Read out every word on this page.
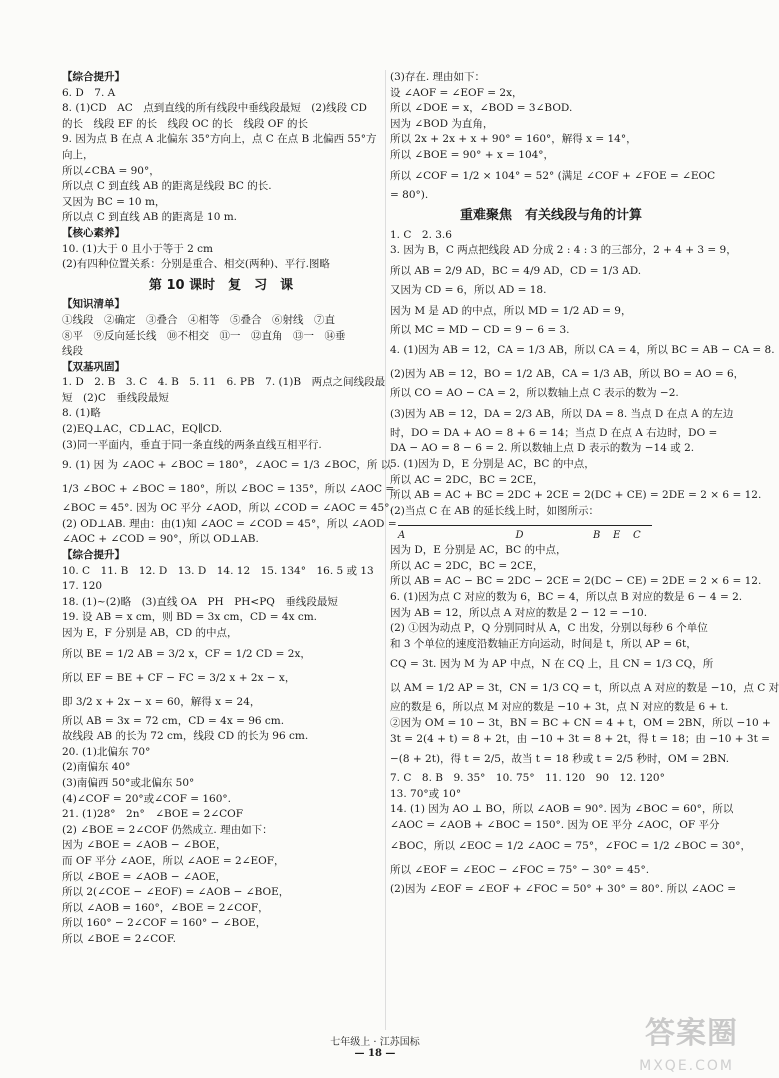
【综合提升】
6. D　7. A
8. (1)CD　AC　点到直线的所有线段中垂线段最短　(2)线段 CD
的长　线段 EF 的长　线段 OC 的长　线段 OF 的长
9. 因为点 B 在点 A 北偏东 35°方向上，点 C 在点 B 北偏西 55°方
向上，
所以∠CBA = 90°，
所以点 C 到直线 AB 的距离是线段 BC 的长.
又因为 BC = 10 m，
所以点 C 到直线 AB 的距离是 10 m.
【核心素养】
10. (1)大于 0 且小于等于 2 cm
(2)有四种位置关系：分别是重合、相交(两种)、平行.图略
第 10 课时　复　习　课
【知识清单】
①线段　②确定　③叠合　④相等　⑤叠合　⑥射线　⑦直
⑧平　⑨反向延长线　⑩不相交　⑪一　⑫直角　⑬一　⑭垂
线段
【双基巩固】
1. D　2. B　3. C　4. B　5. 11　6. PB　7. (1)B　两点之间线段最
短　(2)C　垂线段最短
8. (1)略
(2)EQ⊥AC，CD⊥AC，EQ∥CD.
(3)同一平面内，垂直于同一条直线的两条直线互相平行.
9. (1) 因 为 ∠AOC + ∠BOC = 180°，∠AOC = 1/3 ∠BOC，所 以
1/3 ∠BOC + ∠BOC = 180°，所以 ∠BOC = 135°，所以 ∠AOC =
∠BOC = 45°. 因为 OC 平分 ∠AOD，所以 ∠COD = ∠AOC = 45°.
(2) OD⊥AB. 理由：由(1)知 ∠AOC = ∠COD = 45°，所以 ∠AOD =
∠AOC + ∠COD = 90°，所以 OD⊥AB.
【综合提升】
10. C　11. B　12. D　13. D　14. 12　15. 134°　16. 5 或 13
17. 120
18. (1)~(2)略　(3)直线 OA　PH　PH<PQ　垂线段最短
19. 设 AB = x cm，则 BD = 3x cm，CD = 4x cm.
因为 E，F 分别是 AB，CD 的中点，
所以 BE = 1/2 AB = 3/2 x，CF = 1/2 CD = 2x，
所以 EF = BE + CF − FC = 3/2 x + 2x − x，
即 3/2 x + 2x − x = 60，解得 x = 24，
所以 AB = 3x = 72 cm，CD = 4x = 96 cm.
故线段 AB 的长为 72 cm，线段 CD 的长为 96 cm.
20. (1)北偏东 70°
(2)南偏东 40°
(3)南偏西 50°或北偏东 50°
(4)∠COF = 20°或∠COF = 160°.
21. (1)28°　2n°　∠BOE = 2∠COF
(2) ∠BOE = 2∠COF 仍然成立. 理由如下：
因为 ∠BOE = ∠AOB − ∠BOE，
而 OF 平分 ∠AOE，所以 ∠AOE = 2∠EOF，
所以 ∠BOE = ∠AOB − ∠AOE，
所以 2(∠COE − ∠EOF) = ∠AOB − ∠BOE，
所以 ∠AOB = 160°，∠BOE = 2∠COF，
所以 160° − 2∠COF = 160° − ∠BOE，
所以 ∠BOE = 2∠COF.
(3)存在. 理由如下：
设 ∠AOF = ∠EOF = 2x，
所以 ∠DOE = x，∠BOD = 3∠BOD.
因为 ∠BOD 为直角，
所以 2x + 2x + x + 90° = 160°，解得 x = 14°，
所以 ∠BOE = 90° + x = 104°，
所以 ∠COF = 1/2 × 104° = 52° (满足 ∠COF + ∠FOE = ∠EOC
= 80°).
重难聚焦　有关线段与角的计算
1. C　2. 3.6
3. 因为 B，C 两点把线段 AD 分成 2 : 4 : 3 的三部分，2 + 4 + 3 = 9，
所以 AB = 2/9 AD，BC = 4/9 AD，CD = 1/3 AD.
又因为 CD = 6，所以 AD = 18.
因为 M 是 AD 的中点，所以 MD = 1/2 AD = 9，
所以 MC = MD − CD = 9 − 6 = 3.
4. (1)因为 AB = 12，CA = 1/3 AB，所以 CA = 4，所以 BC = AB − CA = 8.
(2)因为 AB = 12，BO = 1/2 AB，CA = 1/3 AB，所以 BO = AO = 6，
所以 CO = AO − CA = 2，所以数轴上点 C 表示的数为 −2.
(3)因为 AB = 12，DA = 2/3 AB，所以 DA = 8. 当点 D 在点 A 的左边
时，DO = DA + AO = 8 + 6 = 14；当点 D 在点 A 右边时，DO =
DA − AO = 8 − 6 = 2. 所以数轴上点 D 表示的数为 −14 或 2.
5. (1)因为 D，E 分别是 AC，BC 的中点，
所以 AC = 2DC，BC = 2CE，
所以 AB = AC + BC = 2DC + 2CE = 2(DC + CE) = 2DE = 2 × 6 = 12.
(2)当点 C 在 AB 的延长线上时，如图所示：
A	D	B E C
因为 D，E 分别是 AC，BC 的中点，
所以 AC = 2DC，BC = 2CE，
所以 AB = AC − BC = 2DC − 2CE = 2(DC − CE) = 2DE = 2 × 6 = 12.
6. (1)因为点 C 对应的数为 6，BC = 4，所以点 B 对应的数是 6 − 4 = 2.
因为 AB = 12，所以点 A 对应的数是 2 − 12 = −10.
(2) ①因为动点 P，Q 分别同时从 A，C 出发，分别以每秒 6 个单位
和 3 个单位的速度沿数轴正方向运动，时间是 t，所以 AP = 6t，
CQ = 3t. 因为 M 为 AP 中点，N 在 CQ 上，且 CN = 1/3 CQ，所
以 AM = 1/2 AP = 3t，CN = 1/3 CQ = t，所以点 A 对应的数是 −10，点 C 对
应的数是 6，所以点 M 对应的数是 −10 + 3t，点 N 对应的数是 6 + t.
②因为 OM = 10 − 3t，BN = BC + CN = 4 + t，OM = 2BN，所以 −10 +
3t = 2(4 + t) = 8 + 2t，由 −10 + 3t = 8 + 2t，得 t = 18；由 −10 + 3t =
−(8 + 2t)，得 t = 2/5，故当 t = 18 秒或 t = 2/5 秒时，OM = 2BN.
7. C　8. B　9. 35°　10. 75°　11. 120　90　12. 120°
13. 70°或 10°
14. (1) 因为 AO ⊥ BO，所以 ∠AOB = 90°. 因为 ∠BOC = 60°，所以
∠AOC = ∠AOB + ∠BOC = 150°. 因为 OE 平分 ∠AOC，OF 平分
∠BOC，所以 ∠EOC = 1/2 ∠AOC = 75°，∠FOC = 1/2 ∠BOC = 30°，
所以 ∠EOF = ∠EOC − ∠FOC = 75° − 30° = 45°.
(2)因为 ∠EOF = ∠EOF + ∠FOC = 50° + 30° = 80°. 所以 ∠AOC =
七年级上 · 江苏国标
— 18 —
答案圈
MXQE.COM
